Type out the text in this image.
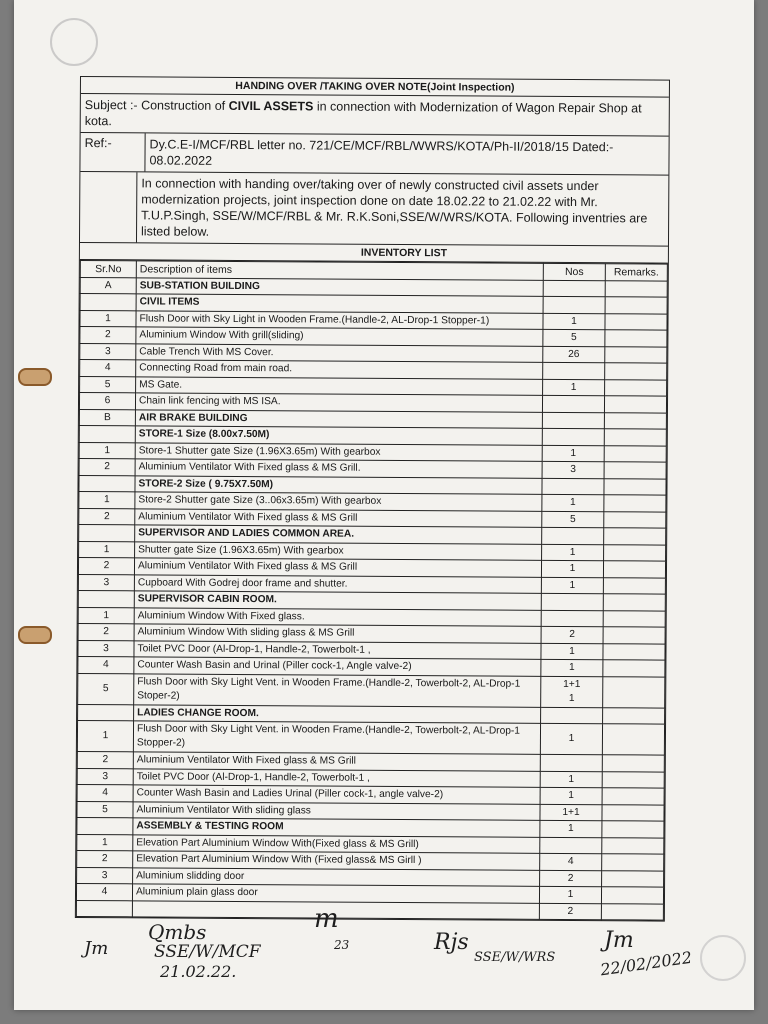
HANDING OVER /TAKING OVER NOTE(Joint Inspection)
Subject :- Construction of CIVIL ASSETS in connection with Modernization of Wagon Repair Shop at kota.
Ref:-	Dy.C.E-I/MCF/RBL letter no. 721/CE/MCF/RBL/WWRS/KOTA/Ph-II/2018/15 Dated:- 08.02.2022
In connection with handing over/taking over of newly constructed civil assets under modernization projects, joint inspection done on date 18.02.22 to 21.02.22 with Mr. T.U.P.Singh, SSE/W/MCF/RBL & Mr. R.K.Soni,SSE/W/WRS/KOTA. Following inventries are listed below.
INVENTORY LIST
Sr.No	Description of items	Nos	Remarks.
A	SUB-STATION BUILDING		
	CIVIL ITEMS		
1	Flush Door with Sky Light in Wooden Frame.(Handle-2, AL-Drop-1 Stopper-1)	1	
2	Aluminium Window With grill(sliding)	5	
3	Cable Trench With MS Cover.	26	
4	Connecting Road from main road.		
5	MS Gate.	1	
6	Chain link fencing with MS ISA.		
B	AIR BRAKE BUILDING		
	STORE-1 Size (8.00x7.50M)		
1	Store-1 Shutter gate Size (1.96X3.65m) With gearbox	1	
2	Aluminium Ventilator With Fixed glass & MS Grill.	3	
	STORE-2 Size ( 9.75X7.50M)		
1	Store-2 Shutter gate Size (3..06x3.65m) With gearbox	1	
2	Aluminium Ventilator With Fixed glass & MS Grill	5	
	SUPERVISOR AND LADIES COMMON AREA.		
1	Shutter gate Size (1.96X3.65m) With gearbox	1	
2	Aluminium Ventilator With Fixed glass & MS Grill	1	
3	Cupboard With Godrej door frame and shutter.	1	
	SUPERVISOR CABIN ROOM.		
1	Aluminium Window With Fixed glass.		
2	Aluminium Window With sliding glass & MS Grill	2	
3	Toilet PVC Door (Al-Drop-1, Handle-2, Towerbolt-1 ,	1	
4	Counter Wash Basin and Urinal (Piller cock-1, Angle valve-2)	1	
5	Flush Door with Sky Light Vent. in Wooden Frame.(Handle-2, Towerbolt-2, AL-Drop-1 Stoper-2)	1+1
1	
	LADIES CHANGE ROOM.		
1	Flush Door with Sky Light Vent. in Wooden Frame.(Handle-2, Towerbolt-2, AL-Drop-1 Stopper-2)	1	
2	Aluminium Ventilator With Fixed glass & MS Grill		
3	Toilet PVC Door (Al-Drop-1, Handle-2, Towerbolt-1 ,	1	
4	Counter Wash Basin and Ladies Urinal (Piller cock-1, angle valve-2)	1	
5	Aluminium Ventilator With sliding glass	1+1	
	ASSEMBLY & TESTING ROOM	1	
1	Elevation Part Aluminium Window With(Fixed glass & MS Grill)		
2	Elevation Part Aluminium Window With (Fixed glass& MS Girll )	4	
3	Aluminium slidding door	2	
4	Aluminium plain glass door	1	
		2	
Jm
Qmbs
SSE/W/MCF
21.02.22.
m
23	Rjs
SSE/W/WRS
Jm
22/02/2022
